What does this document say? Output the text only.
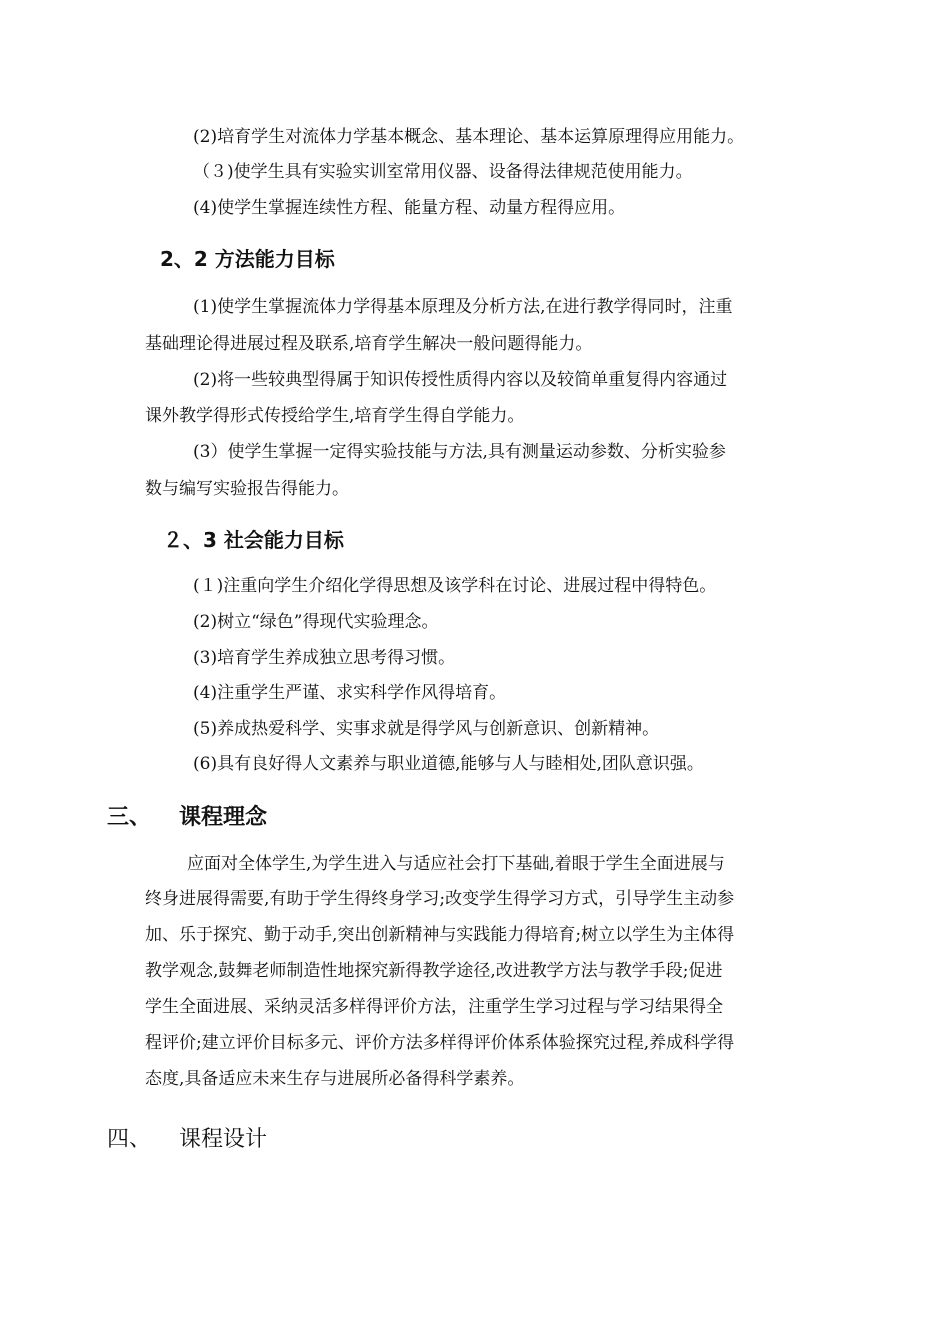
(2)培育学生对流体力学基本概念、基本理论、基本运算原理得应用能力。
（３)使学生具有实验实训室常用仪器、设备得法律规范使用能力。
(4)使学生掌握连续性方程、能量方程、动量方程得应用。
2、2 方法能力目标
(1)使学生掌握流体力学得基本原理及分析方法,在进行教学得同时，注重
基础理论得进展过程及联系,培育学生解决一般问题得能力。
(2)将一些较典型得属于知识传授性质得内容以及较简单重复得内容通过
课外教学得形式传授给学生,培育学生得自学能力。
(3）使学生掌握一定得实验技能与方法,具有测量运动参数、分析实验参
数与编写实验报告得能力。
２、3 社会能力目标
(１)注重向学生介绍化学得思想及该学科在讨论、进展过程中得特色。
(2)树立“绿色”得现代实验理念。
(3)培育学生养成独立思考得习惯。
(4)注重学生严谨、求实科学作风得培育。
(5)养成热爱科学、实事求就是得学风与创新意识、创新精神。
(6)具有良好得人文素养与职业道德,能够与人与睦相处,团队意识强。
三、 课程理念
应面对全体学生,为学生进入与适应社会打下基础,着眼于学生全面进展与
终身进展得需要,有助于学生得终身学习;改变学生得学习方式，引导学生主动参
加、乐于探究、勤于动手,突出创新精神与实践能力得培育;树立以学生为主体得
教学观念,鼓舞老师制造性地探究新得教学途径,改进教学方法与教学手段;促进
学生全面进展、采纳灵活多样得评价方法，注重学生学习过程与学习结果得全
程评价;建立评价目标多元、评价方法多样得评价体系体验探究过程,养成科学得
态度,具备适应未来生存与进展所必备得科学素养。
四、 课程设计
